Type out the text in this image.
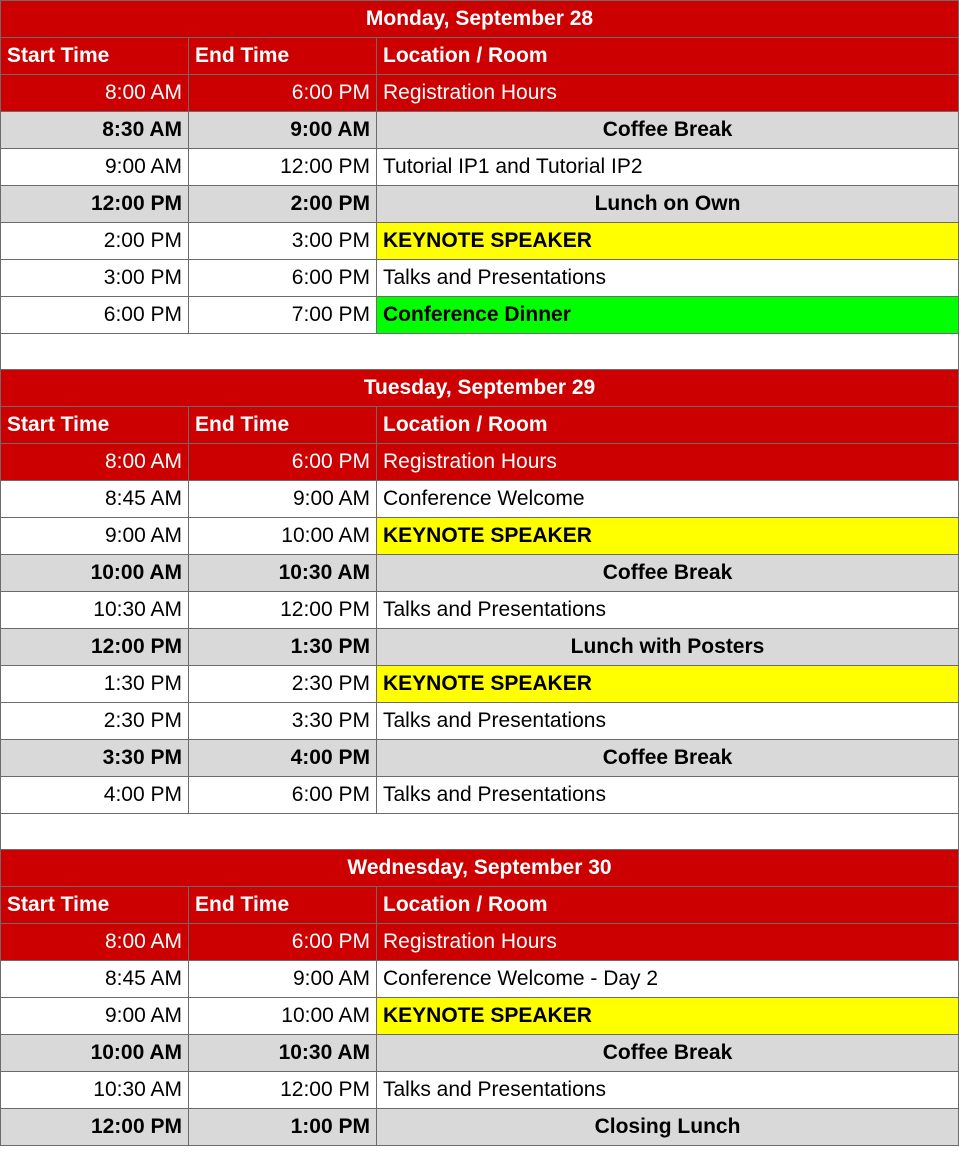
Monday, September 28		
Start Time	End Time	Location / Room
8:00 AM	6:00 PM	Registration Hours
8:30 AM	9:00 AM	Coffee Break
9:00 AM	12:00 PM	Tutorial IP1 and Tutorial IP2
12:00 PM	2:00 PM	Lunch on Own
2:00 PM	3:00 PM	KEYNOTE SPEAKER
3:00 PM	6:00 PM	Talks and Presentations
6:00 PM	7:00 PM	Conference Dinner

Tuesday, September 29		
Start Time	End Time	Location / Room
8:00 AM	6:00 PM	Registration Hours
8:45 AM	9:00 AM	Conference Welcome
9:00 AM	10:00 AM	KEYNOTE SPEAKER
10:00 AM	10:30 AM	Coffee Break
10:30 AM	12:00 PM	Talks and Presentations
12:00 PM	1:30 PM	Lunch with Posters
1:30 PM	2:30 PM	KEYNOTE SPEAKER
2:30 PM	3:30 PM	Talks and Presentations
3:30 PM	4:00 PM	Coffee Break
4:00 PM	6:00 PM	Talks and Presentations

Wednesday, September 30		
Start Time	End Time	Location / Room
8:00 AM	6:00 PM	Registration Hours
8:45 AM	9:00 AM	Conference Welcome - Day 2
9:00 AM	10:00 AM	KEYNOTE SPEAKER
10:00 AM	10:30 AM	Coffee Break
10:30 AM	12:00 PM	Talks and Presentations
12:00 PM	1:00 PM	Closing Lunch
